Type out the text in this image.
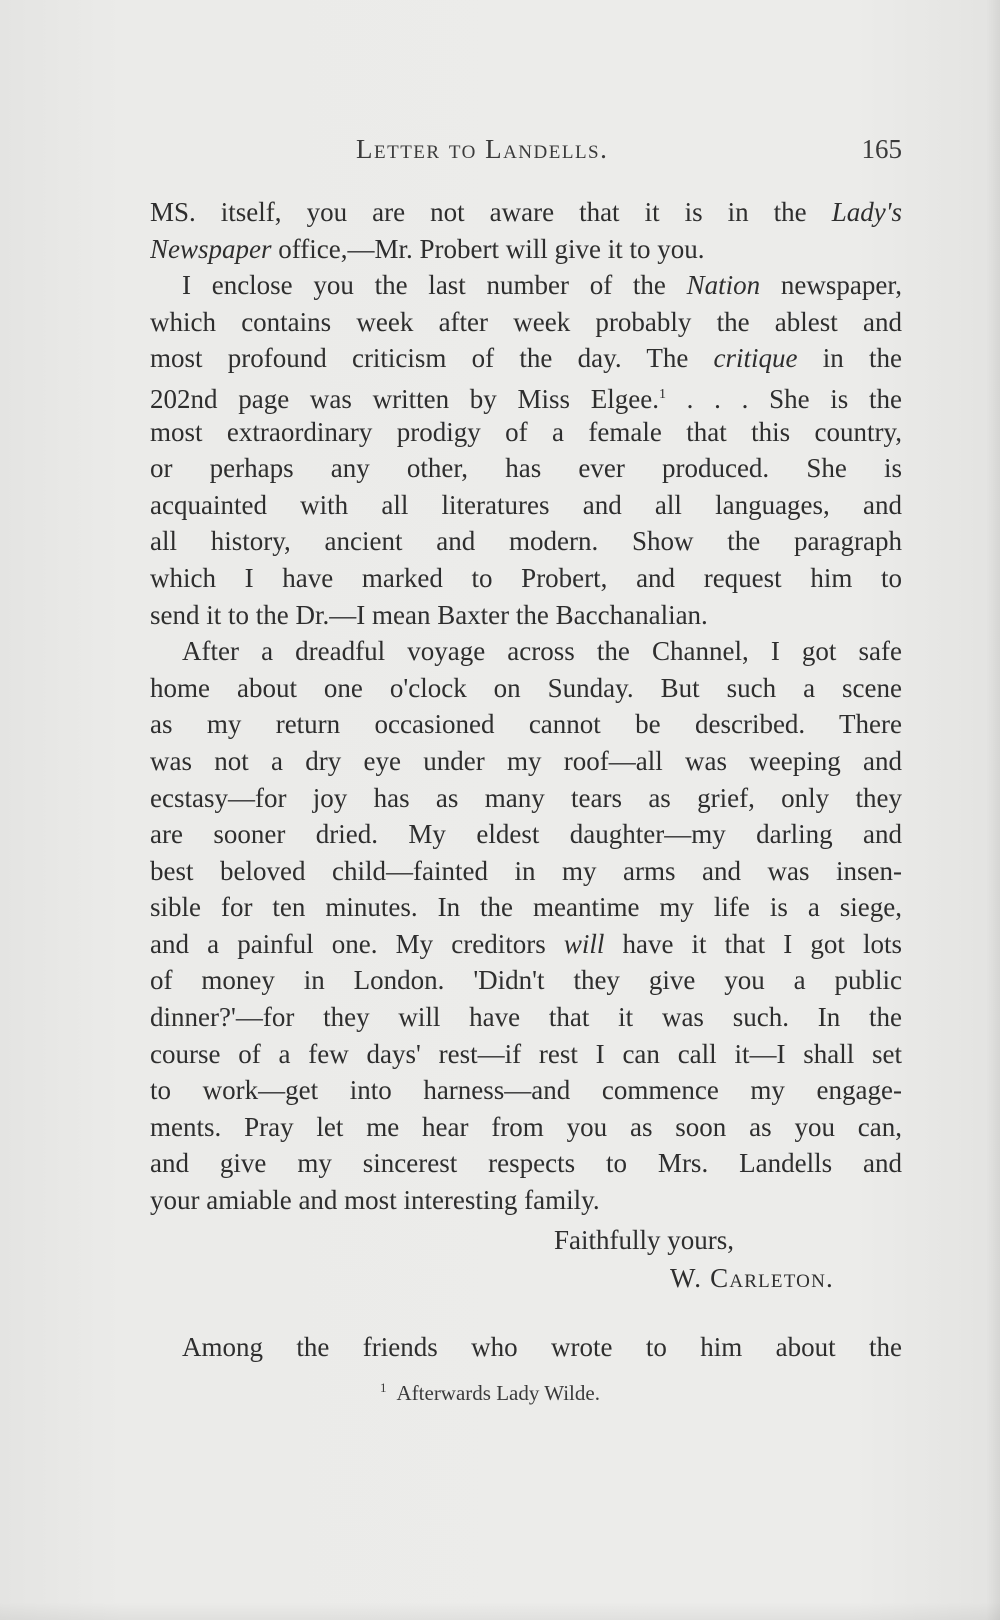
Letter to Landells.	165
MS. itself, you are not aware that it is in the Lady's
Newspaper office,—Mr. Probert will give it to you.
I enclose you the last number of the Nation newspaper,
which contains week after week probably the ablest and
most profound criticism of the day. The critique in the
202nd page was written by Miss Elgee.$^1$ . . . She is the
most extraordinary prodigy of a female that this country,
or perhaps any other, has ever produced. She is
acquainted with all literatures and all languages, and
all history, ancient and modern. Show the paragraph
which I have marked to Probert, and request him to
send it to the Dr.—I mean Baxter the Bacchanalian.
After a dreadful voyage across the Channel, I got safe
home about one o'clock on Sunday. But such a scene
as my return occasioned cannot be described. There
was not a dry eye under my roof—all was weeping and
ecstasy—for joy has as many tears as grief, only they
are sooner dried. My eldest daughter—my darling and
best beloved child—fainted in my arms and was insen-
sible for ten minutes. In the meantime my life is a siege,
and a painful one. My creditors will have it that I got lots
of money in London. 'Didn't they give you a public
dinner?'—for they will have that it was such. In the
course of a few days' rest—if rest I can call it—I shall set
to work—get into harness—and commence my engage-
ments. Pray let me hear from you as soon as you can,
and give my sincerest respects to Mrs. Landells and
your amiable and most interesting family.
Faithfully yours,
W. Carleton.
Among the friends who wrote to him about the
$^1$ Afterwards Lady Wilde.
